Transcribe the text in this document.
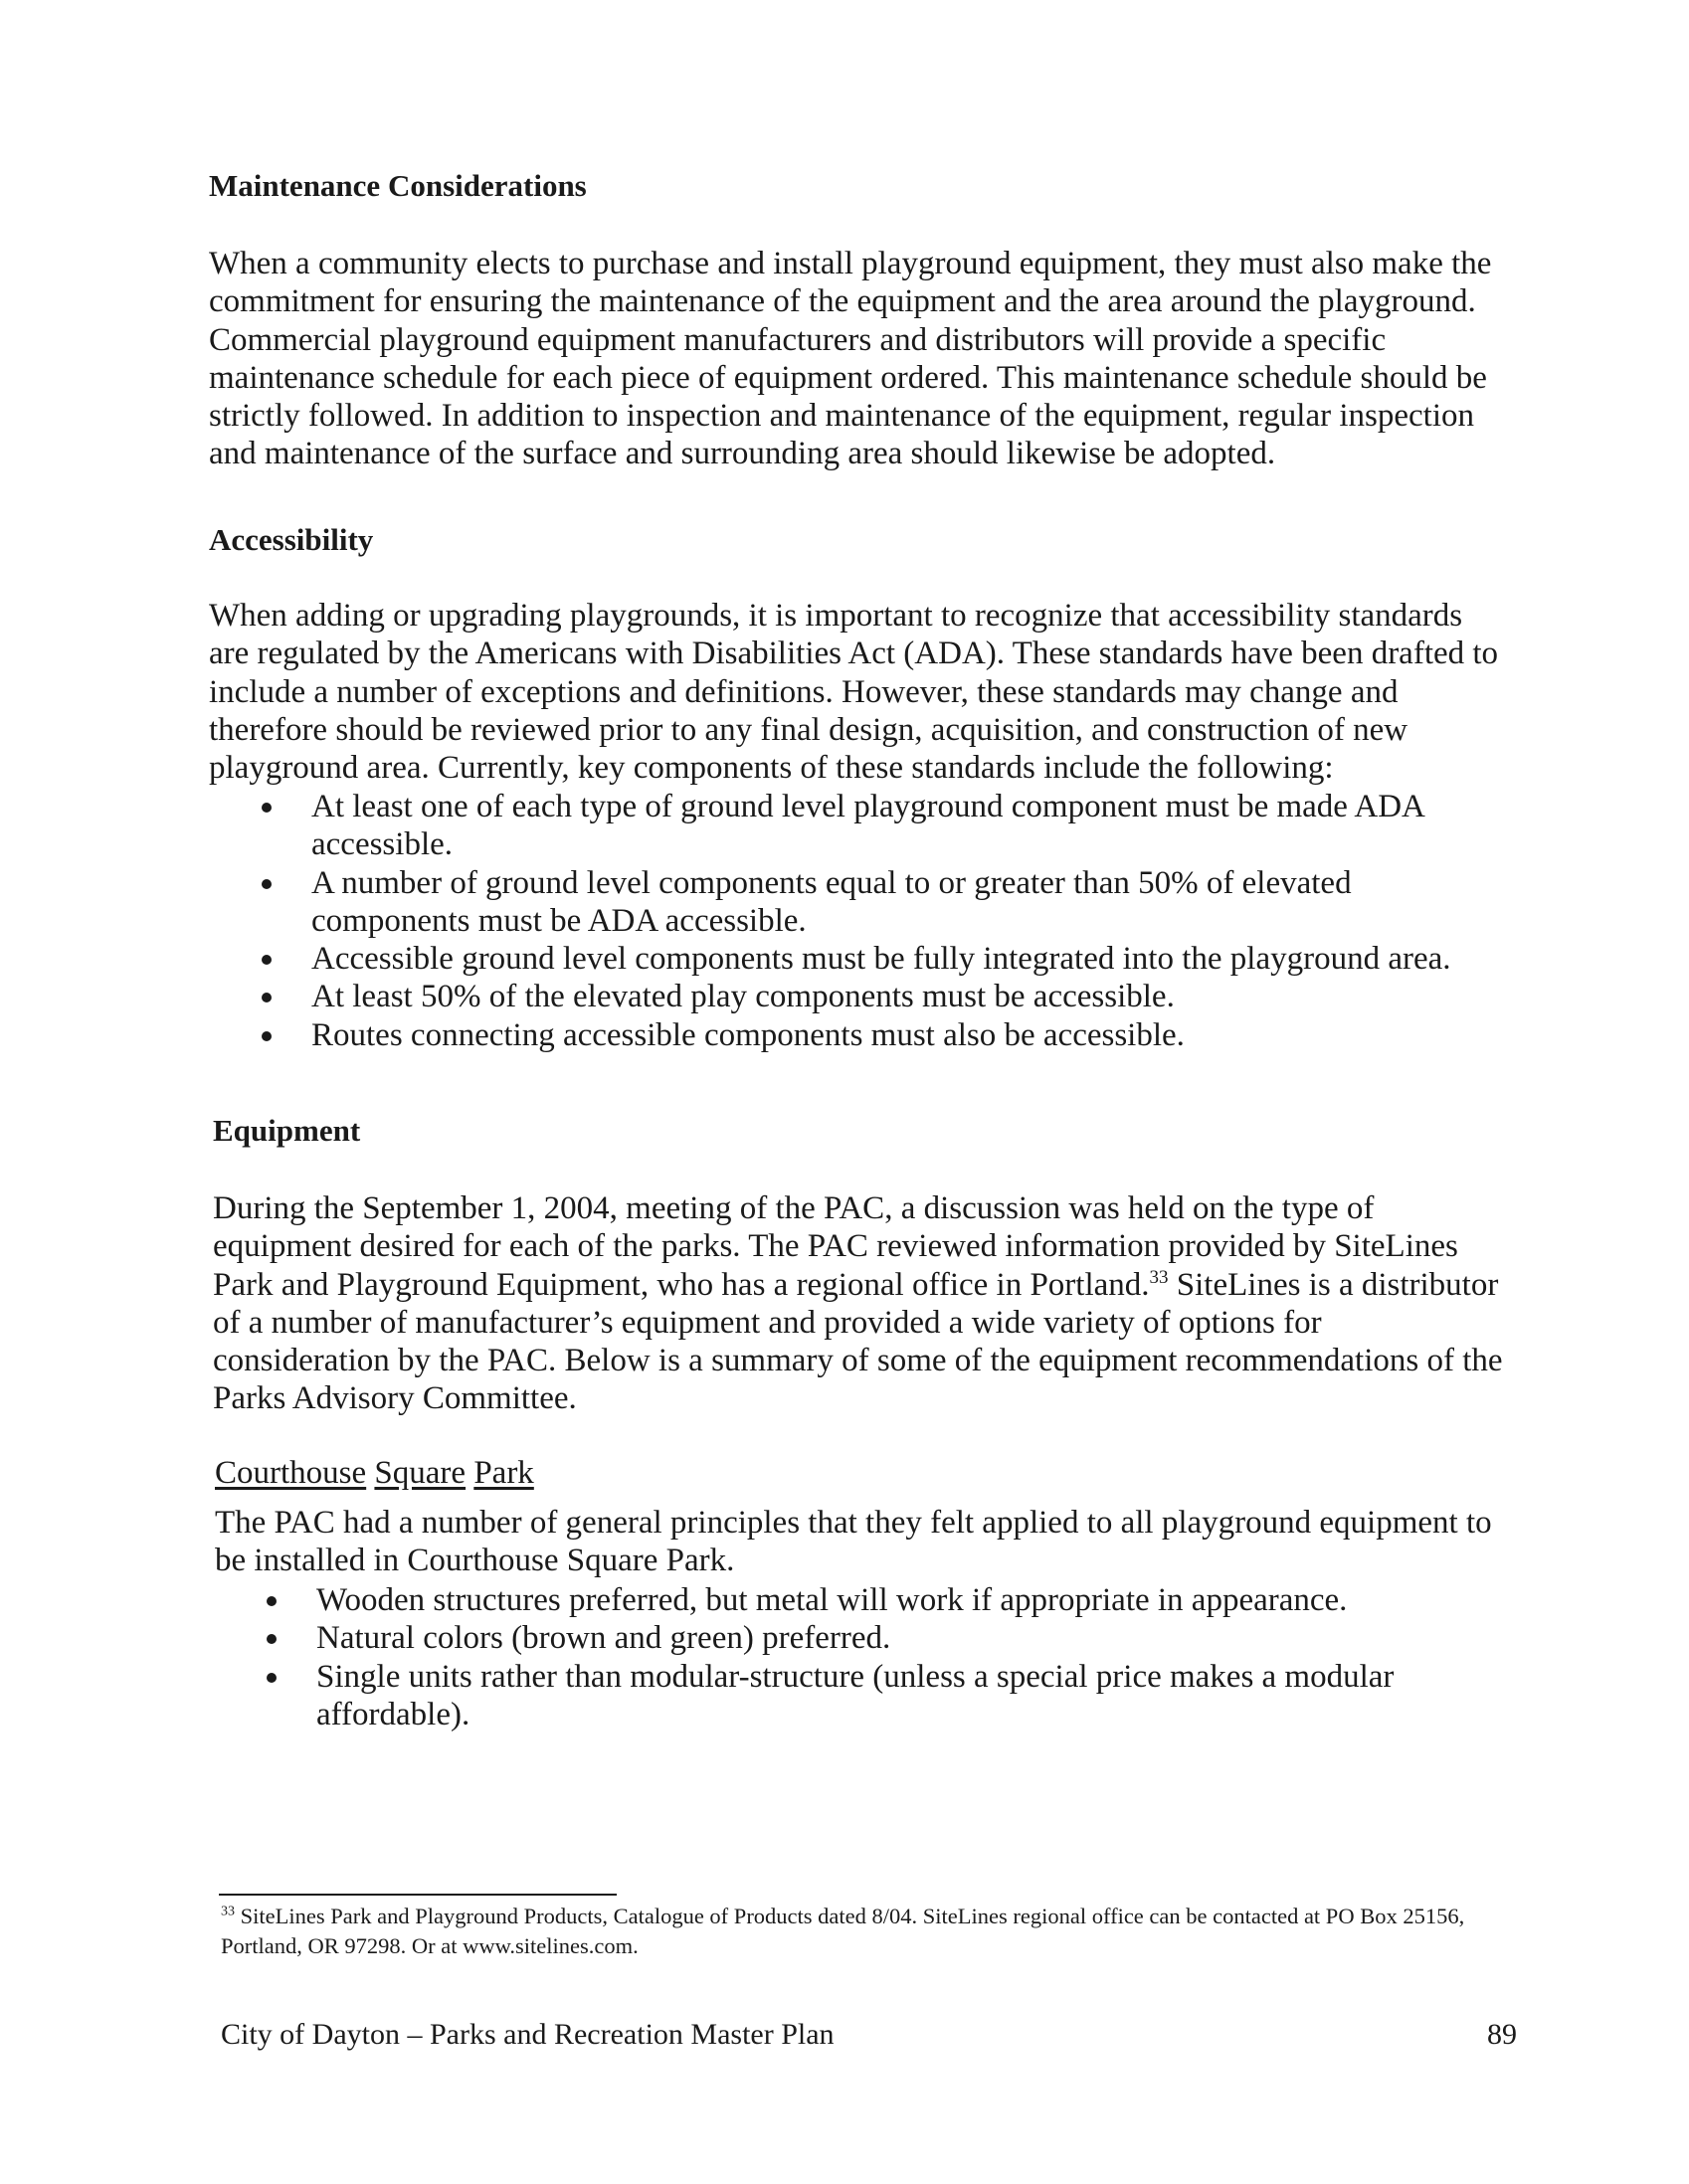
Maintenance Considerations

When a community elects to purchase and install playground equipment, they must also make the commitment for ensuring the maintenance of the equipment and the area around the playground. Commercial playground equipment manufacturers and distributors will provide a specific maintenance schedule for each piece of equipment ordered. This maintenance schedule should be strictly followed. In addition to inspection and maintenance of the equipment, regular inspection and maintenance of the surface and surrounding area should likewise be adopted.

Accessibility

When adding or upgrading playgrounds, it is important to recognize that accessibility standards are regulated by the Americans with Disabilities Act (ADA). These standards have been drafted to include a number of exceptions and definitions. However, these standards may change and therefore should be reviewed prior to any final design, acquisition, and construction of new playground area. Currently, key components of these standards include the following:

At least one of each type of ground level playground component must be made ADA accessible.
A number of ground level components equal to or greater than 50% of elevated components must be ADA accessible.
Accessible ground level components must be fully integrated into the playground area.
At least 50% of the elevated play components must be accessible.
Routes connecting accessible components must also be accessible.
Equipment

During the September 1, 2004, meeting of the PAC, a discussion was held on the type of equipment desired for each of the parks. The PAC reviewed information provided by SiteLines Park and Playground Equipment, who has a regional office in Portland.$^{33}$ SiteLines is a distributor of a number of manufacturer’s equipment and provided a wide variety of options for consideration by the PAC. Below is a summary of some of the equipment recommendations of the Parks Advisory Committee.

Courthouse Square Park

The PAC had a number of general principles that they felt applied to all playground equipment to be installed in Courthouse Square Park.

Wooden structures preferred, but metal will work if appropriate in appearance.
Natural colors (brown and green) preferred.
Single units rather than modular-structure (unless a special price makes a modular affordable).

$^{33}$ SiteLines Park and Playground Products, Catalogue of Products dated 8/04. SiteLines regional office can be contacted at PO Box 25156, Portland, OR 97298. Or at www.sitelines.com.

City of Dayton – Parks and Recreation Master Plan	89
